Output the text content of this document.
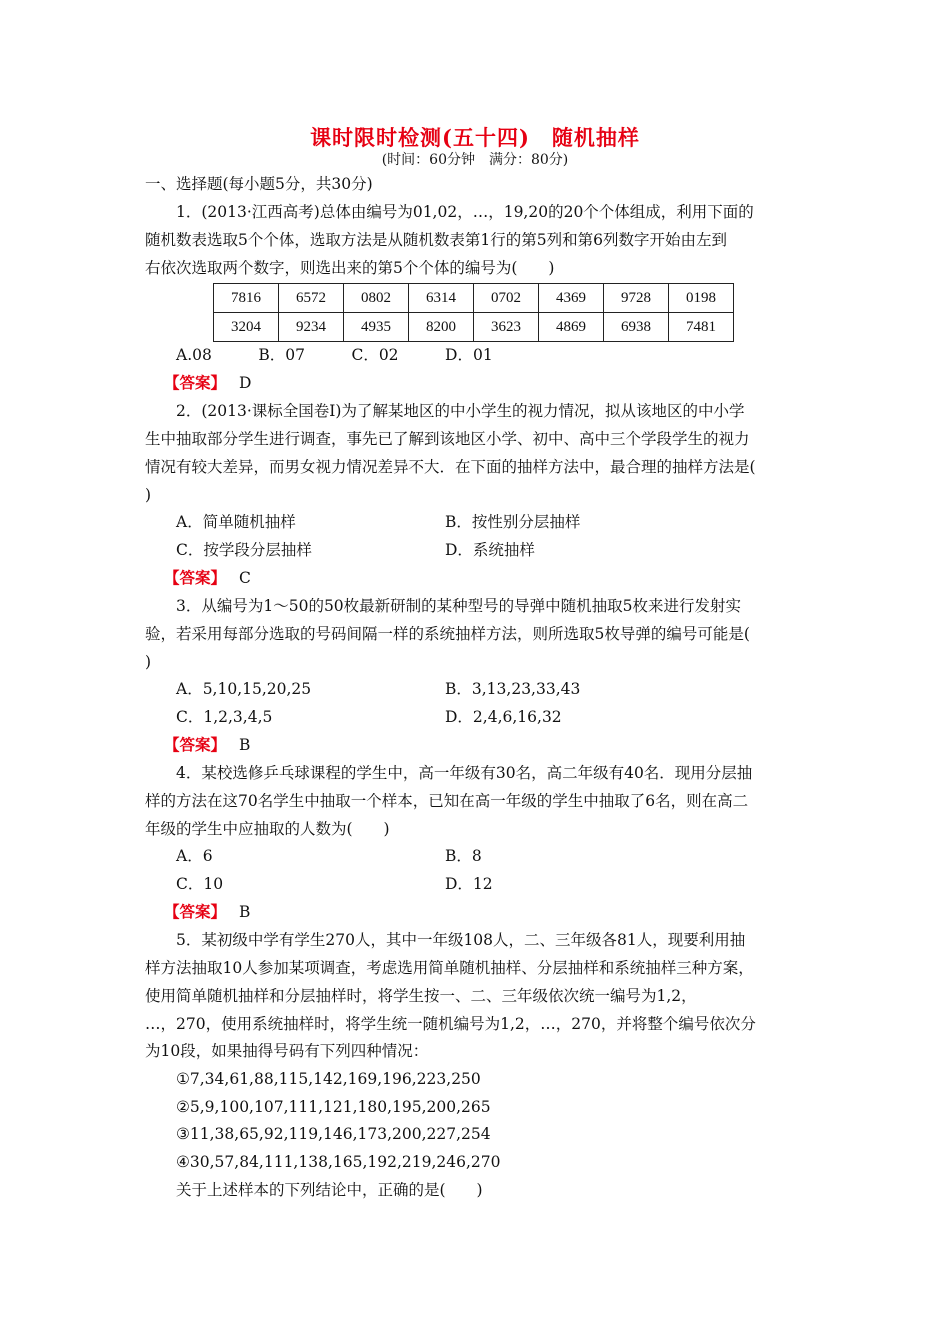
课时限时检测(五十四)　随机抽样
(时间：60分钟　满分：80分)
一、选择题(每小题5分，共30分)
1．(2013·江西高考)总体由编号为01,02，…，19,20的20个个体组成，利用下面的
随机数表选取5个个体，选取方法是从随机数表第1行的第5列和第6列数字开始由左到
右依次选取两个数字，则选出来的第5个个体的编号为(　　)
7816	6572	0802	6314	0702	4369	9728	0198
3204	9234	4935	8200	3623	4869	6938	7481
A.08　　　B．07　　　C．02　　　D．01
【答案】 D
2．(2013·课标全国卷Ⅰ)为了解某地区的中小学生的视力情况，拟从该地区的中小学
生中抽取部分学生进行调查，事先已了解到该地区小学、初中、高中三个学段学生的视力
情况有较大差异，而男女视力情况差异不大．在下面的抽样方法中，最合理的抽样方法是(
)
A．简单随机抽样	B．按性别分层抽样
C．按学段分层抽样	D．系统抽样
【答案】 C
3．从编号为1～50的50枚最新研制的某种型号的导弹中随机抽取5枚来进行发射实
验，若采用每部分选取的号码间隔一样的系统抽样方法，则所选取5枚导弹的编号可能是(
)
A．5,10,15,20,25	B．3,13,23,33,43
C．1,2,3,4,5	D．2,4,6,16,32
【答案】 B
4．某校选修乒乓球课程的学生中，高一年级有30名，高二年级有40名．现用分层抽
样的方法在这70名学生中抽取一个样本，已知在高一年级的学生中抽取了6名，则在高二
年级的学生中应抽取的人数为(　　)
A．6	B．8
C．10	D．12
【答案】 B
5．某初级中学有学生270人，其中一年级108人，二、三年级各81人，现要利用抽
样方法抽取10人参加某项调查，考虑选用简单随机抽样、分层抽样和系统抽样三种方案，
使用简单随机抽样和分层抽样时，将学生按一、二、三年级依次统一编号为1,2，
…，270，使用系统抽样时，将学生统一随机编号为1,2，…，270，并将整个编号依次分
为10段，如果抽得号码有下列四种情况：
①7,34,61,88,115,142,169,196,223,250
②5,9,100,107,111,121,180,195,200,265
③11,38,65,92,119,146,173,200,227,254
④30,57,84,111,138,165,192,219,246,270
关于上述样本的下列结论中，正确的是(　　)
